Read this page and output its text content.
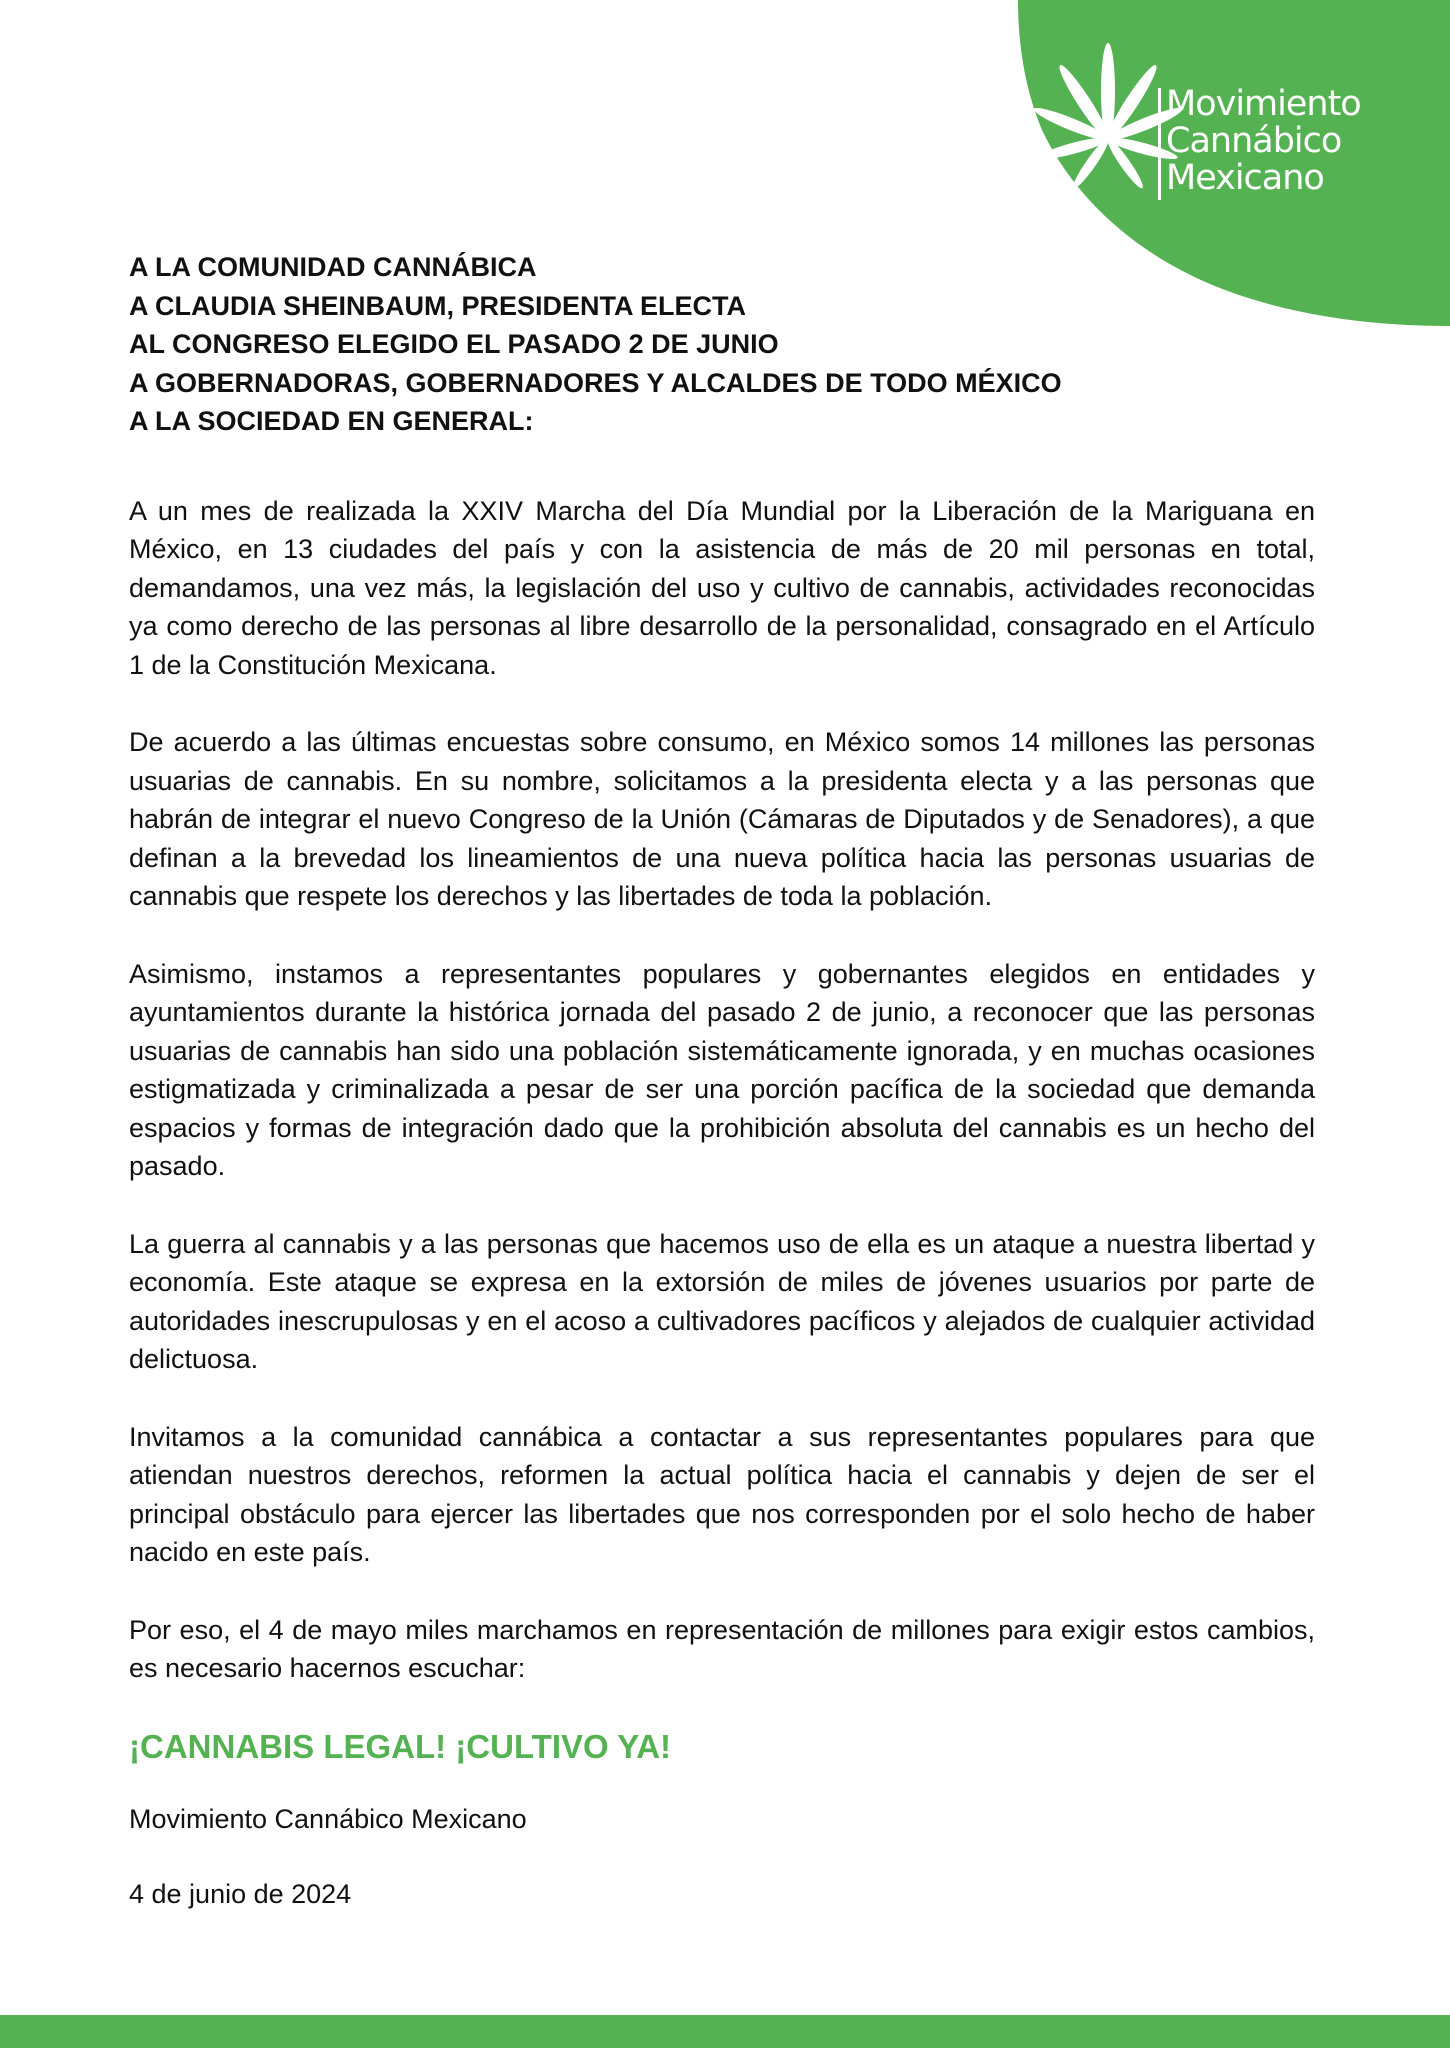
Movimiento
Cannábico
Mexicano
A LA COMUNIDAD CANNÁBICA
A CLAUDIA SHEINBAUM, PRESIDENTA ELECTA
AL CONGRESO ELEGIDO EL PASADO 2 DE JUNIO
A GOBERNADORAS, GOBERNADORES Y ALCALDES DE TODO MÉXICO
A LA SOCIEDAD EN GENERAL:

A un mes de realizada la XXIV Marcha del Día Mundial por la Liberación de la Mariguana en México, en 13 ciudades del país y con la asistencia de más de 20 mil personas en total, demandamos, una vez más, la legislación del uso y cultivo de cannabis, actividades reconocidas ya como derecho de las personas al libre desarrollo de la personalidad, consagrado en el Artículo 1 de la Constitución Mexicana.

De acuerdo a las últimas encuestas sobre consumo, en México somos 14 millones las personas usuarias de cannabis. En su nombre, solicitamos a la presidenta electa y a las personas que habrán de integrar el nuevo Congreso de la Unión (Cámaras de Diputados y de Senadores), a que definan a la brevedad los lineamientos de una nueva política hacia las personas usuarias de cannabis que respete los derechos y las libertades de toda la población.

Asimismo, instamos a representantes populares y gobernantes elegidos en entidades y ayuntamientos durante la histórica jornada del pasado 2 de junio, a reconocer que las personas usuarias de cannabis han sido una población sistemáticamente ignorada, y en muchas ocasiones estigmatizada y criminalizada a pesar de ser una porción pacífica de la sociedad que demanda espacios y formas de integración dado que la prohibición absoluta del cannabis es un hecho del pasado.

La guerra al cannabis y a las personas que hacemos uso de ella es un ataque a nuestra libertad y economía. Este ataque se expresa en la extorsión de miles de jóvenes usuarios por parte de autoridades inescrupulosas y en el acoso a cultivadores pacíficos y alejados de cualquier actividad delictuosa.

Invitamos a la comunidad cannábica a contactar a sus representantes populares para que atiendan nuestros derechos, reformen la actual política hacia el cannabis y dejen de ser el principal obstáculo para ejercer las libertades que nos corresponden por el solo hecho de haber nacido en este país.

Por eso, el 4 de mayo miles marchamos en representación de millones para exigir estos cambios, es necesario hacernos escuchar:

¡CANNABIS LEGAL! ¡CULTIVO YA!
Movimiento Cannábico Mexicano
4 de junio de 2024
